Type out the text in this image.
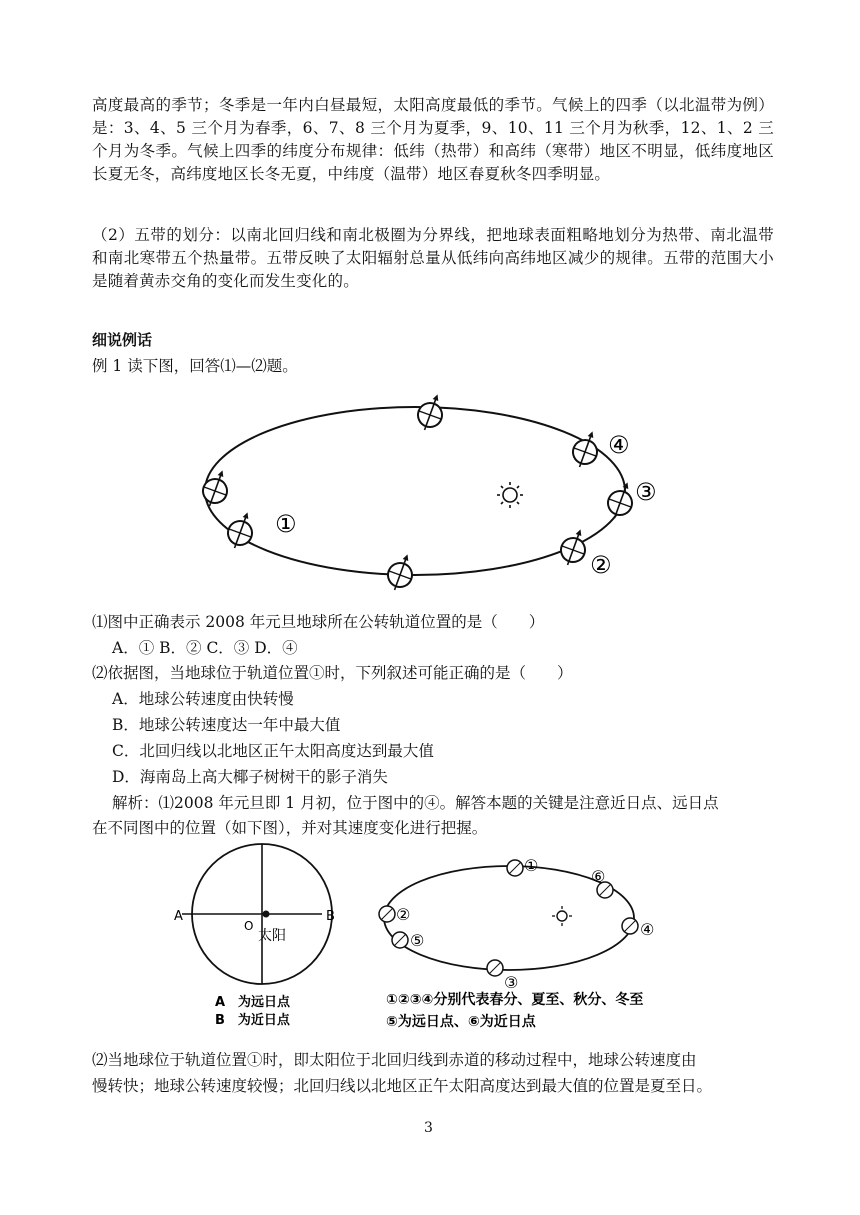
高度最高的季节；冬季是一年内白昼最短，太阳高度最低的季节。气候上的四季（以北温带为例）是：3、4、5 三个月为春季，6、7、8 三个月为夏季，9、10、11 三个月为秋季，12、1、2 三个月为冬季。气候上四季的纬度分布规律：低纬（热带）和高纬（寒带）地区不明显，低纬度地区长夏无冬，高纬度地区长冬无夏，中纬度（温带）地区春夏秋冬四季明显。

（2）五带的划分：以南北回归线和南北极圈为分界线，把地球表面粗略地划分为热带、南北温带和南北寒带五个热量带。五带反映了太阳辐射总量从低纬向高纬地区减少的规律。五带的范围大小是随着黄赤交角的变化而发生变化的。

细说例话
例 1 读下图，回答⑴—⑵题。
①
②
③
④
⑴图中正确表示 2008 年元旦地球所在公转轨道位置的是（　　）
A．① B．② C．③ D．④
⑵依据图，当地球位于轨道位置①时，下列叙述可能正确的是（　　）
A．地球公转速度由快转慢
B．地球公转速度达一年中最大值
C．北回归线以北地区正午太阳高度达到最大值
D．海南岛上高大椰子树树干的影子消失
解析：⑴2008 年元旦即 1 月初，位于图中的④。解答本题的关键是注意近日点、远日点
在不同图中的位置（如下图），并对其速度变化进行把握。
A	B
O
太阳
A　为远日点
B　为近日点
①
②
③
④
⑤
⑥
①②③④分别代表春分、夏至、秋分、冬至
⑤为远日点、⑥为近日点
⑵当地球位于轨道位置①时，即太阳位于北回归线到赤道的移动过程中，地球公转速度由
慢转快；地球公转速度较慢；北回归线以北地区正午太阳高度达到最大值的位置是夏至日。
3
